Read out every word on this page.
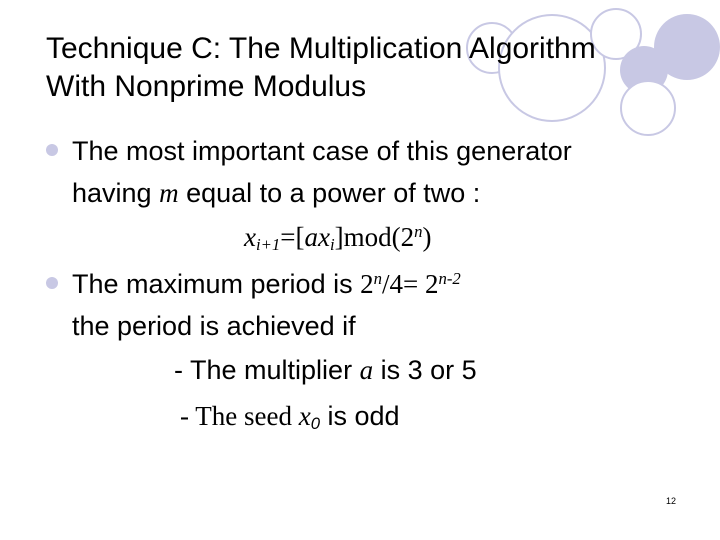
Technique C: The Multiplication Algorithm
With Nonprime Modulus

The most important case of this generator

having m equal to a power of two :

$x_{i+1}=[ax_i]mod(2^n)$

The maximum period is $2^n/4= 2^{n-2}$

the period is achieved if

- The multiplier a is 3 or 5

- The seed $x_0$ is odd

12
